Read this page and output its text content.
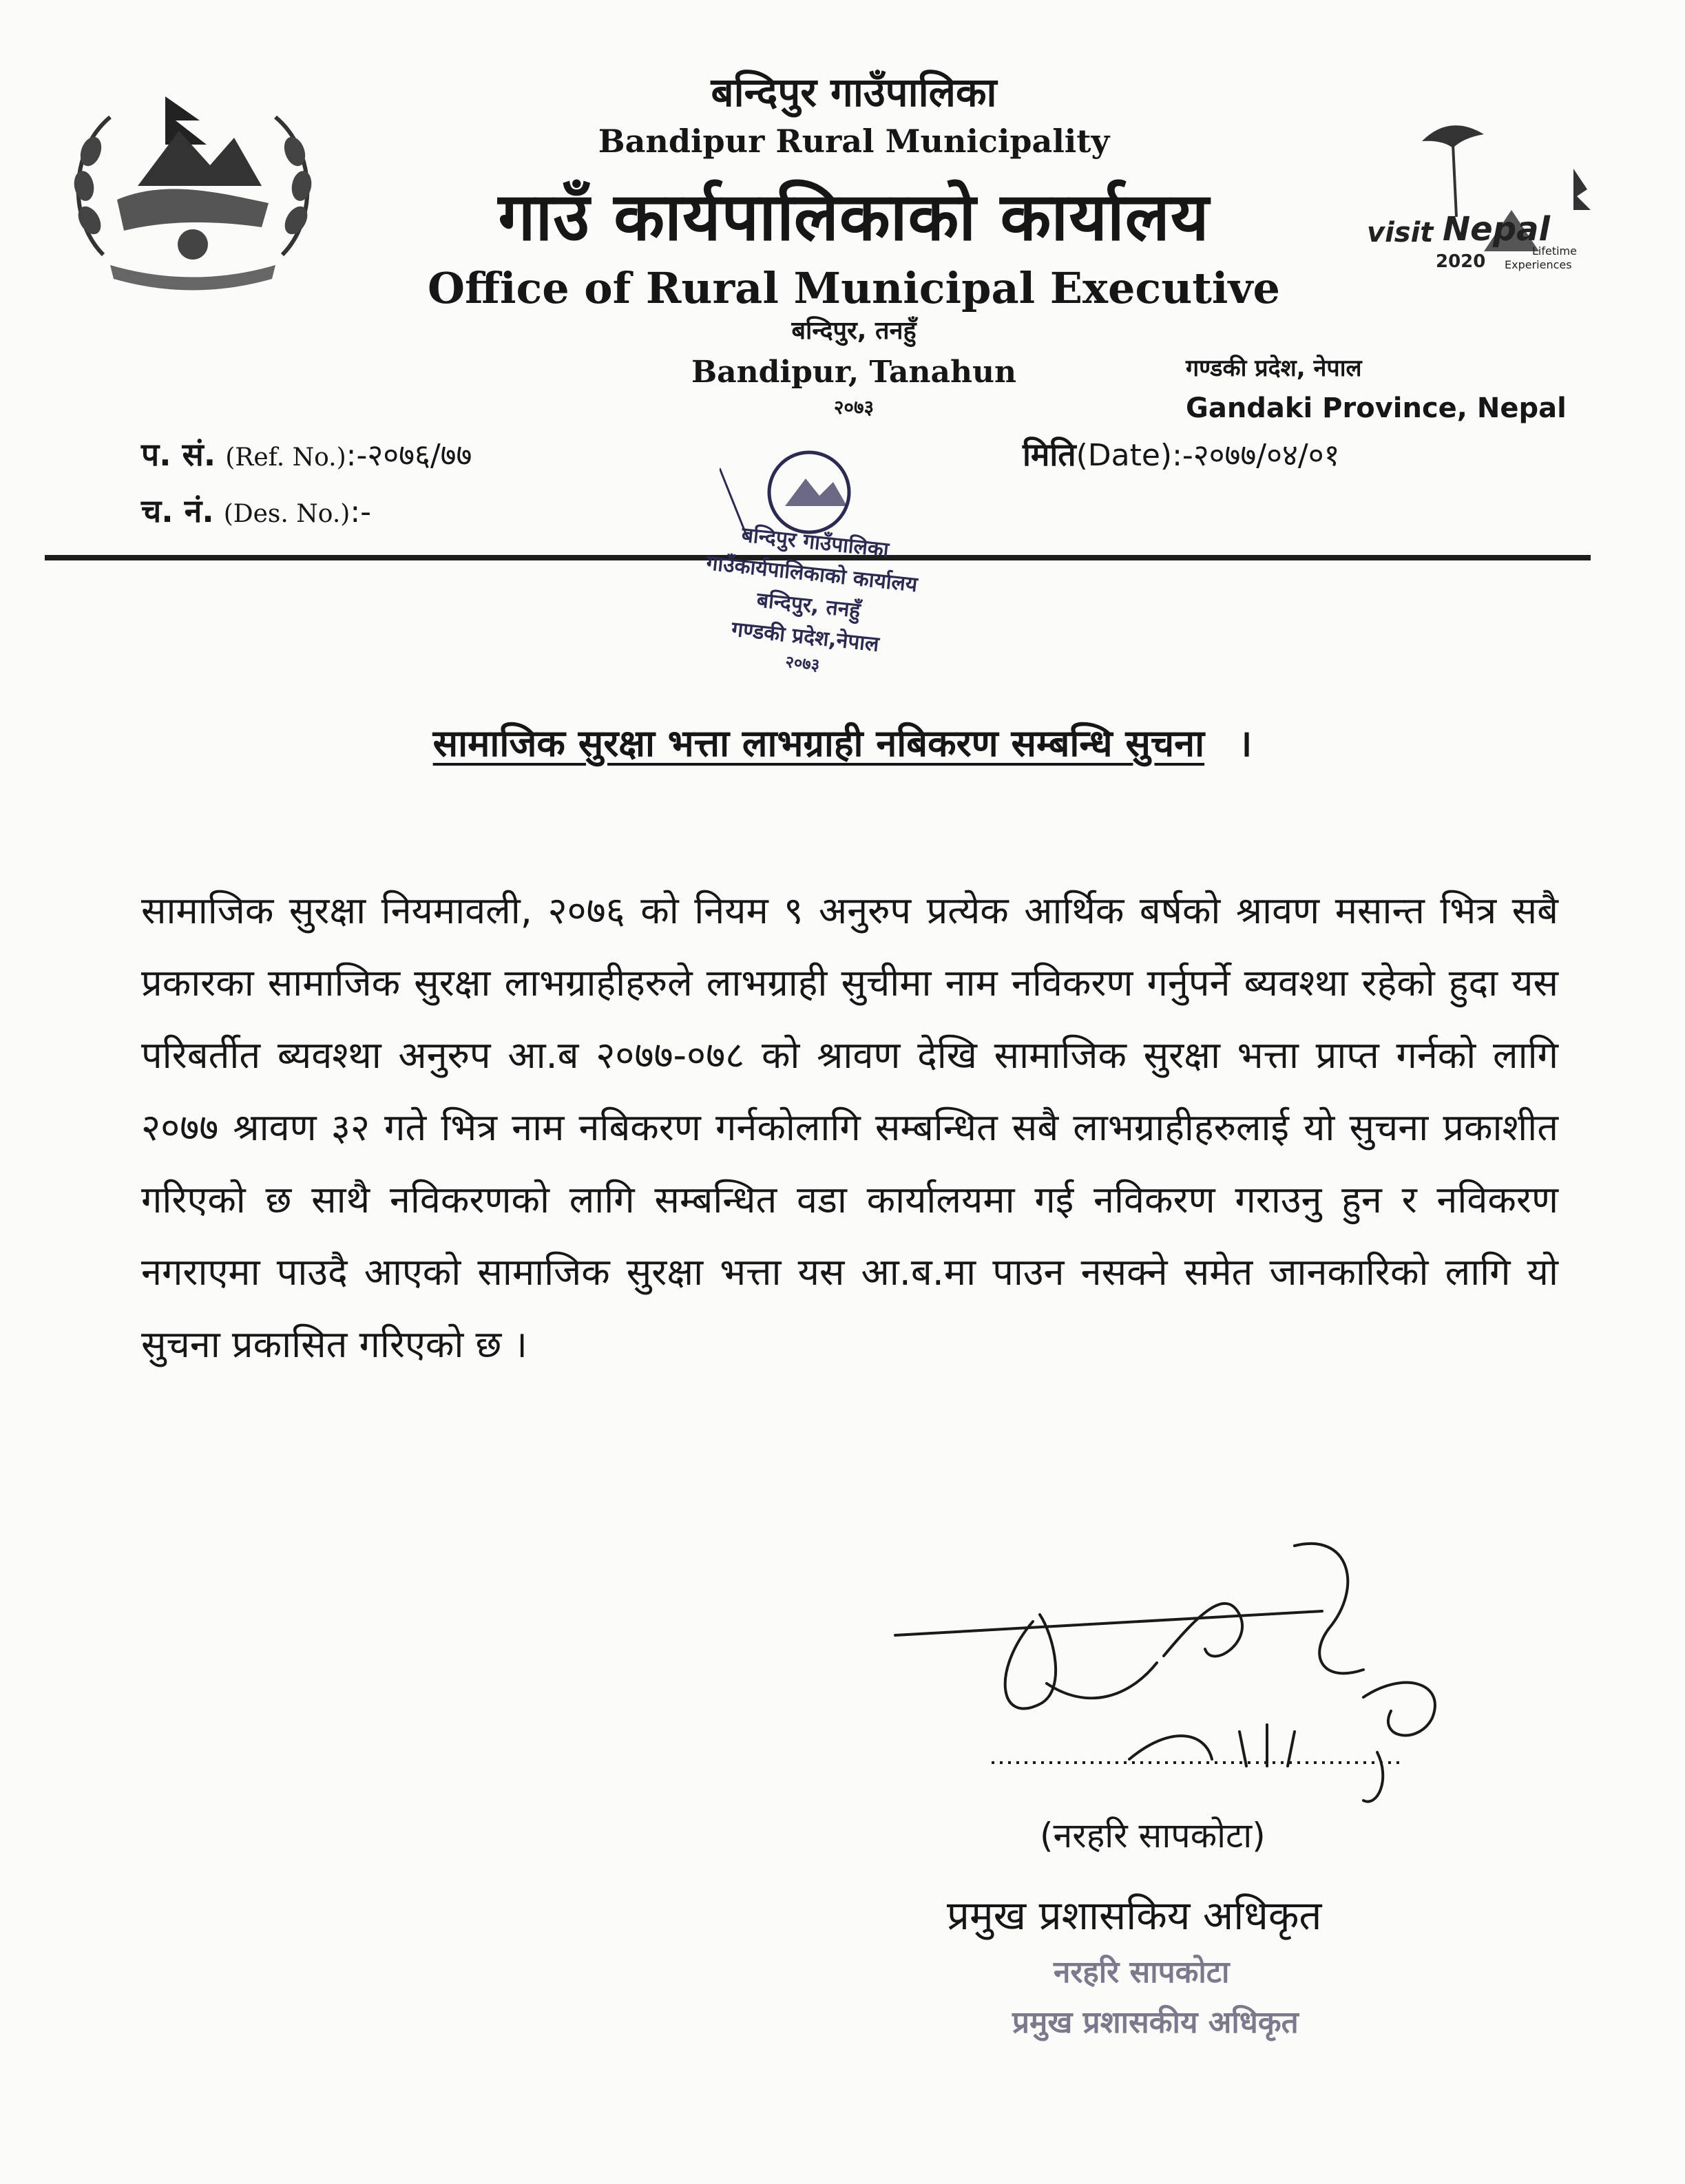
visit Nepal
2020
Lifetime
Experiences
बन्दिपुर गाउँपालिका
Bandipur Rural Municipality
गाउँ कार्यपालिकाको कार्यालय
Office of Rural Municipal Executive
बन्दिपुर, तनहुँ
Bandipur, Tanahun
२०७३
गण्डकी प्रदेश, नेपाल
Gandaki Province, Nepal
प. सं. (Ref. No.):-२०७६/७७
च. नं. (Des. No.):-
मिति(Date):-२०७७/०४/०१
बन्दिपुर गाउँपालिका
गाउँकार्यपालिकाको कार्यालय
बन्दिपुर, तनहुँ
गण्डकी प्रदेश,नेपाल
२०७३
सामाजिक सुरक्षा भत्ता लाभग्राही नबिकरण सम्बन्धि सुचना ।
सामाजिक सुरक्षा नियमावली, २०७६ को नियम ९ अनुरुप प्रत्येक आर्थिक बर्षको श्रावण मसान्त भित्र सबै प्रकारका सामाजिक सुरक्षा लाभग्राहीहरुले लाभग्राही सुचीमा नाम नविकरण गर्नुपर्ने ब्यवश्था रहेको हुदा यस परिबर्तीत ब्यवश्था अनुरुप आ.ब २०७७-०७८ को श्रावण देखि सामाजिक सुरक्षा भत्ता प्राप्त गर्नको लागि २०७७ श्रावण ३२ गते भित्र नाम नबिकरण गर्नकोलागि सम्बन्धित सबै लाभग्राहीहरुलाई यो सुचना प्रकाशीत गरिएको छ साथै नविकरणको लागि सम्बन्धित वडा कार्यालयमा गई नविकरण गराउनु हुन र नविकरण नगराएमा पाउदै आएको सामाजिक सुरक्षा भत्ता यस आ.ब.मा पाउन नसक्ने समेत जानकारिको लागि यो सुचना प्रकासित गरिएको छ ।
(नरहरि सापकोटा)
प्रमुख प्रशासकिय अधिकृत
नरहरि सापकोटा
प्रमुख प्रशासकीय अधिकृत
